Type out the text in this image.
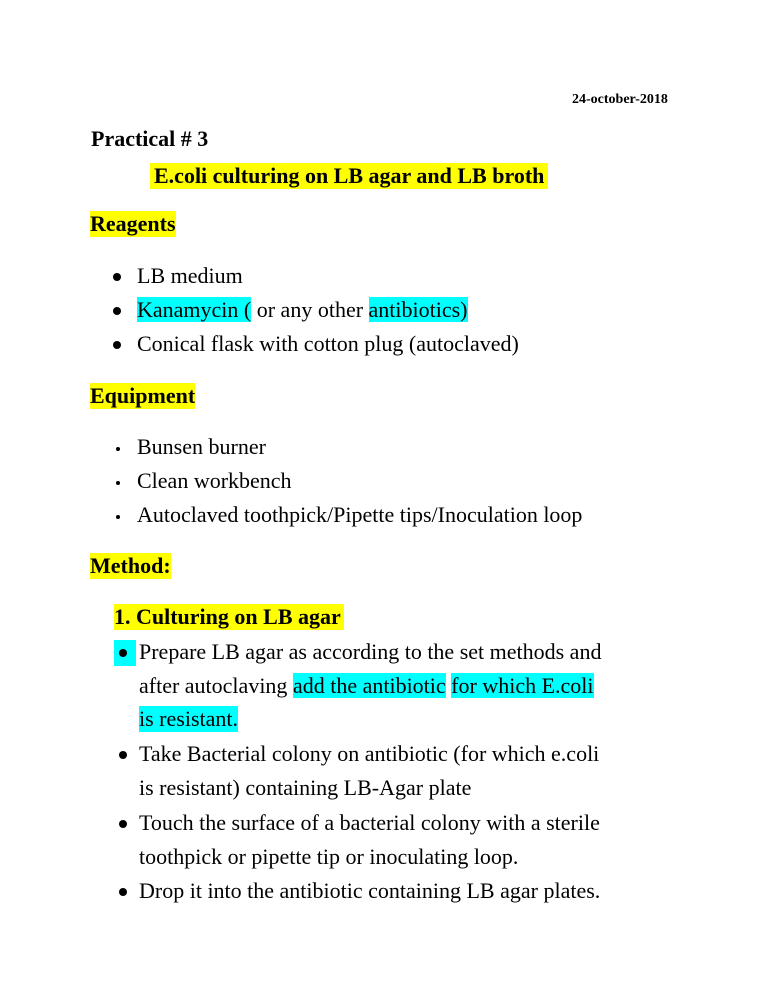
24-october-2018
Practical # 3
E.coli culturing on LB agar and LB broth
Reagents
LB medium
Kanamycin ( or any other antibiotics)
Conical flask with cotton plug (autoclaved)
Equipment
Bunsen burner
Clean workbench
Autoclaved toothpick/Pipette tips/Inoculation loop
Method:
1. Culturing on LB agar
Prepare LB agar as according to the set methods and
after autoclaving add the antibiotic for which E.coli
is resistant.
Take Bacterial colony on antibiotic (for which e.coli
is resistant) containing LB-Agar plate
Touch the surface of a bacterial colony with a sterile
toothpick or pipette tip or inoculating loop.
Drop it into the antibiotic containing LB agar plates.
